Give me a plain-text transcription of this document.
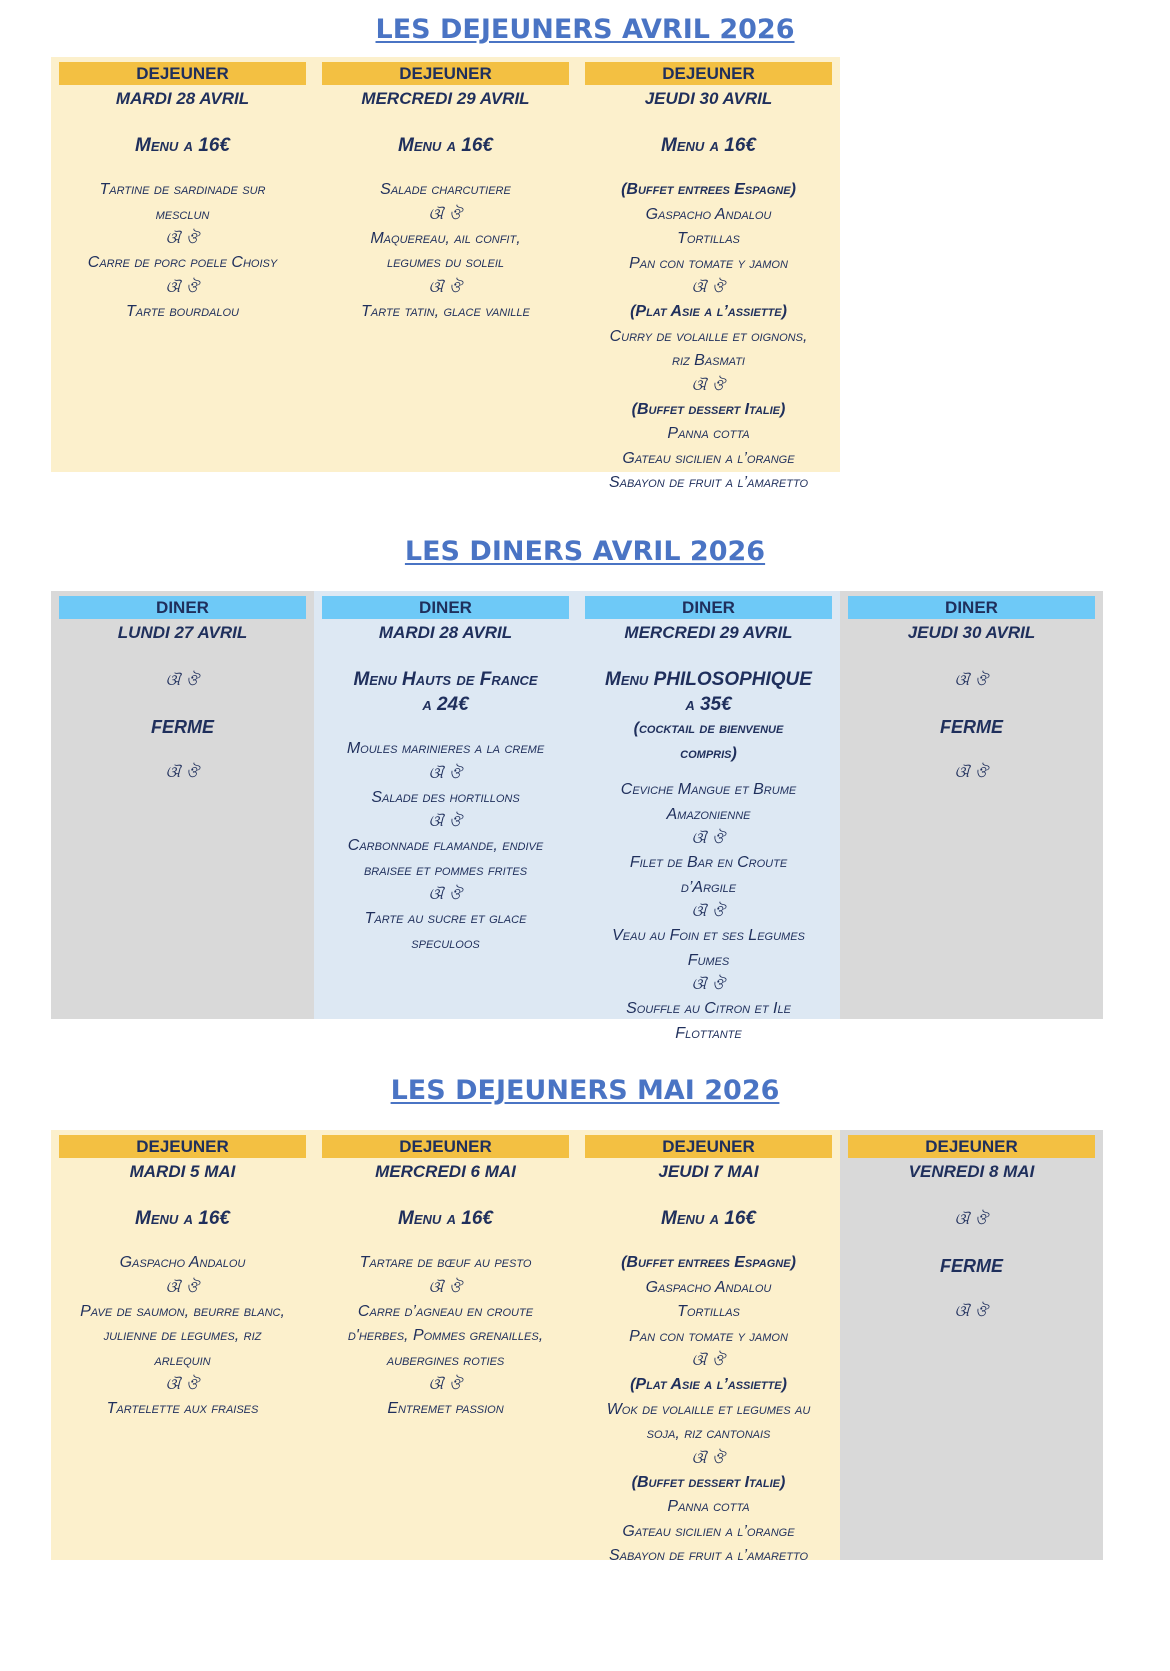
LES DEJEUNERS AVRIL 2026
DEJEUNER
MARDI 28 AVRIL
Menu a 16€
Tartine de sardinade sur
mesclun
ଔ ঔ
Carre de porc poele Choisy
ଔ ঔ
Tarte bourdalou
DEJEUNER
MERCREDI 29 AVRIL
Menu a 16€
Salade charcutiere
ଔ ঔ
Maquereau, ail confit,
legumes du soleil
ଔ ঔ
Tarte tatin, glace vanille
DEJEUNER
JEUDI 30 AVRIL
Menu a 16€
(Buffet entrees Espagne)
Gaspacho Andalou
Tortillas
Pan con tomate y jamon
ଔ ঔ
(Plat Asie a l’assiette)
Curry de volaille et oignons,
riz Basmati
ଔ ঔ
(Buffet dessert Italie)
Panna cotta
Gateau sicilien a l’orange
Sabayon de fruit a l’amaretto
LES DINERS AVRIL 2026
DINER
LUNDI 27 AVRIL
ଔ ঔ
FERME
ଔ ঔ
DINER
MARDI 28 AVRIL
Menu Hauts de France
a 24€
Moules marinieres a la creme
ଔ ঔ
Salade des hortillons
ଔ ঔ
Carbonnade flamande, endive
braisee et pommes frites
ଔ ঔ
Tarte au sucre et glace
speculoos
DINER
MERCREDI 29 AVRIL
Menu PHILOSOPHIQUE
a 35€
(cocktail de bienvenue
compris)
Ceviche Mangue et Brume
Amazonienne
ଔ ঔ
Filet de Bar en Croute
d’Argile
ଔ ঔ
Veau au Foin et ses Legumes
Fumes
ଔ ঔ
Souffle au Citron et Ile
Flottante
DINER
JEUDI 30 AVRIL
ଔ ঔ
FERME
ଔ ঔ
LES DEJEUNERS MAI 2026
DEJEUNER
MARDI 5 MAI
Menu a 16€
Gaspacho Andalou
ଔ ঔ
Pave de saumon, beurre blanc,
julienne de legumes, riz
arlequin
ଔ ঔ
Tartelette aux fraises
DEJEUNER
MERCREDI 6 MAI
Menu a 16€
Tartare de bœuf au pesto
ଔ ঔ
Carre d’agneau en croute
d'herbes, Pommes grenailles,
aubergines roties
ଔ ঔ
Entremet passion
DEJEUNER
JEUDI 7 MAI
Menu a 16€
(Buffet entrees Espagne)
Gaspacho Andalou
Tortillas
Pan con tomate y jamon
ଔ ঔ
(Plat Asie a l’assiette)
Wok de volaille et legumes au
soja, riz cantonais
ଔ ঔ
(Buffet dessert Italie)
Panna cotta
Gateau sicilien a l’orange
Sabayon de fruit a l’amaretto
DEJEUNER
VENREDI 8 MAI
ଔ ঔ
FERME
ଔ ঔ
